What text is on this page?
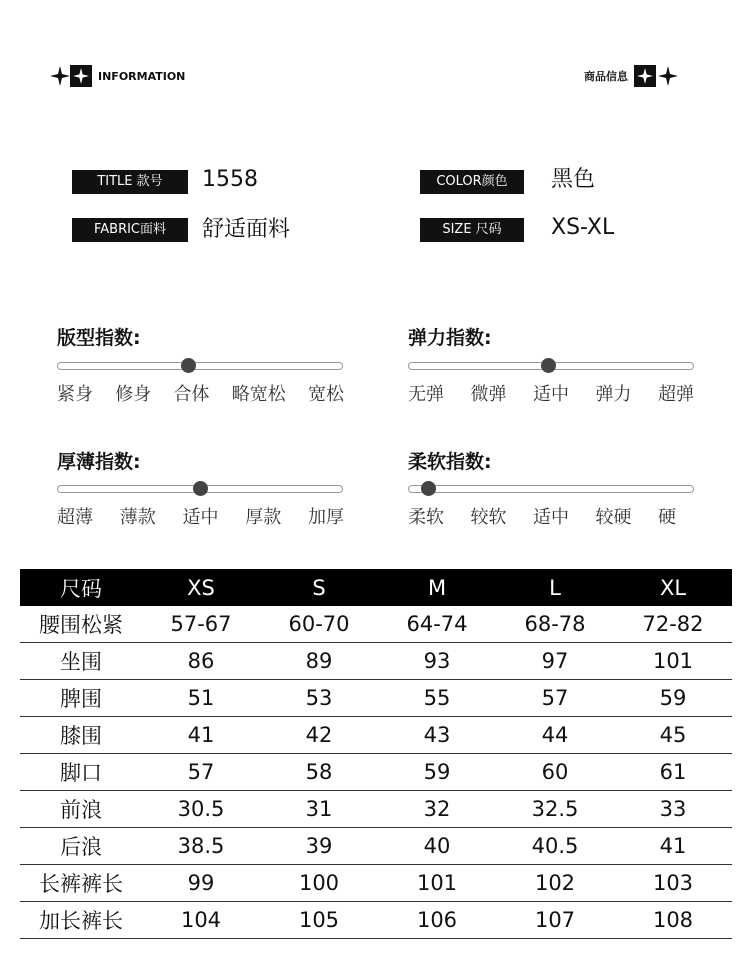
INFORMATION	商品信息
TITLE 款号	1558	COLOR颜色	黑色
FABRIC面料	舒适面料	SIZE 尺码	XS-XL
版型指数:
紧身 修身 合体 略宽松 宽松
弹力指数:
无弹 微弹 适中 弹力 超弹
厚薄指数:
超薄 薄款 适中 厚款 加厚
柔软指数:
柔软 较软 适中 较硬 硬
尺码	XS	S	M	L	XL
腰围松紧	57-67	60-70	64-74	68-78	72-82
坐围	86	89	93	97	101
脾围	51	53	55	57	59
膝围	41	42	43	44	45
脚口	57	58	59	60	61
前浪	30.5	31	32	32.5	33
后浪	38.5	39	40	40.5	41
长裤裤长	99	100	101	102	103
加长裤长	104	105	106	107	108
